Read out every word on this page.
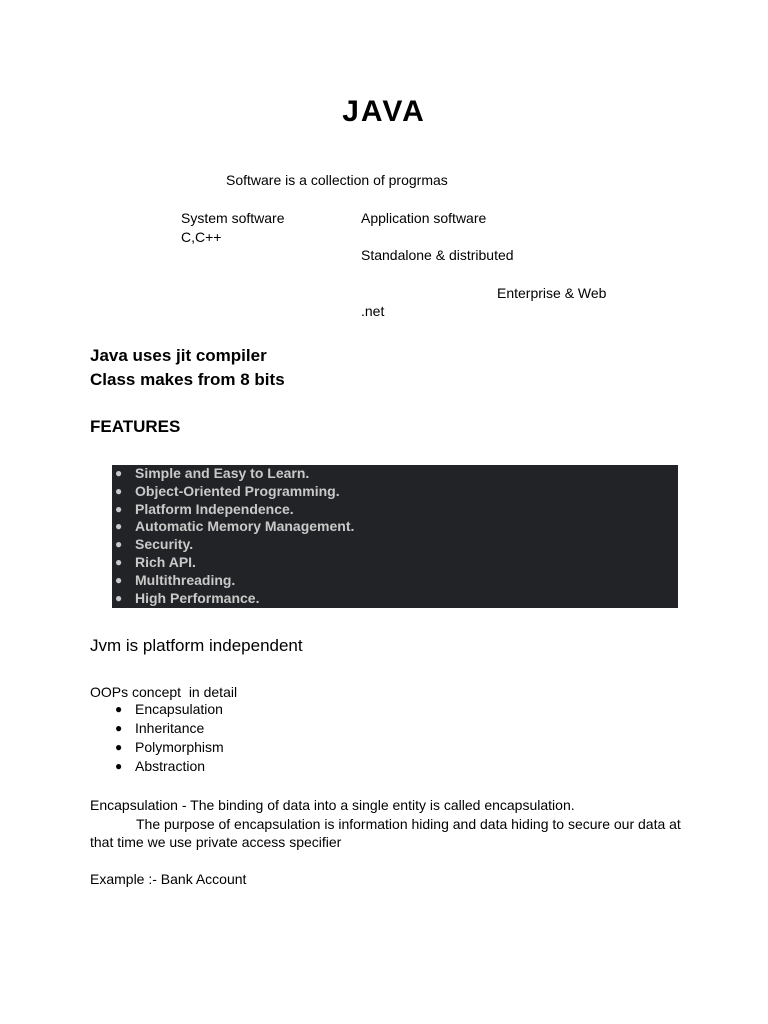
JAVA
Software is a collection of progrmas
System software
C,C++
Application software
Standalone & distributed
Enterprise & Web
.net
Java uses jit compiler
Class makes from 8 bits
FEATURES
● Simple and Easy to Learn.
● Object-Oriented Programming.
● Platform Independence.
● Automatic Memory Management.
● Security.
● Rich API.
● Multithreading.
● High Performance.
Jvm is platform independent
OOPs concept  in detail
● Encapsulation
● Inheritance
● Polymorphism
● Abstraction
Encapsulation - The binding of data into a single entity is called encapsulation.
The purpose of encapsulation is information hiding and data hiding to secure our data at
that time we use private access specifier
Example :- Bank Account
